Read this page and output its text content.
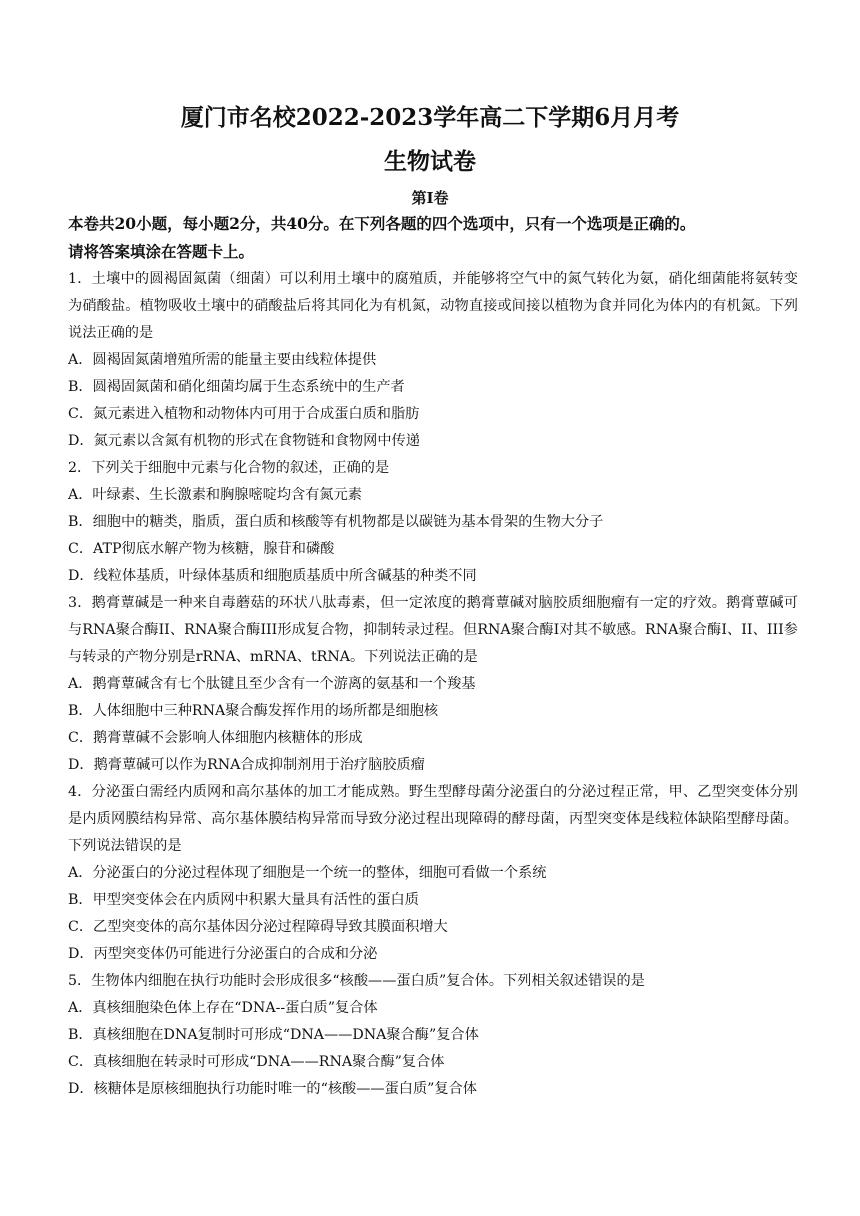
厦门市名校2022-2023学年高二下学期6月月考
生物试卷
第I卷

本卷共20小题，每小题2分，共40分。在下列各题的四个选项中，只有一个选项是正确的。

请将答案填涂在答题卡上。

1．土壤中的圆褐固氮菌（细菌）可以利用土壤中的腐殖质，并能够将空气中的氮气转化为氨，硝化细菌能将氨转变为硝酸盐。植物吸收土壤中的硝酸盐后将其同化为有机氮，动物直接或间接以植物为食并同化为体内的有机氮。下列说法正确的是

A．圆褐固氮菌增殖所需的能量主要由线粒体提供

B．圆褐固氮菌和硝化细菌均属于生态系统中的生产者

C．氮元素进入植物和动物体内可用于合成蛋白质和脂肪

D．氮元素以含氮有机物的形式在食物链和食物网中传递

2．下列关于细胞中元素与化合物的叙述，正确的是

A．叶绿素、生长激素和胸腺嘧啶均含有氮元素

B．细胞中的糖类，脂质，蛋白质和核酸等有机物都是以碳链为基本骨架的生物大分子

C．ATP彻底水解产物为核糖，腺苷和磷酸

D．线粒体基质，叶绿体基质和细胞质基质中所含碱基的种类不同

3．鹅膏蕈碱是一种来自毒蘑菇的环状八肽毒素，但一定浓度的鹅膏蕈碱对脑胶质细胞瘤有一定的疗效。鹅膏蕈碱可与RNA聚合酶II、RNA聚合酶III形成复合物，抑制转录过程。但RNA聚合酶I对其不敏感。RNA聚合酶I、II、III参与转录的产物分别是rRNA、mRNA、tRNA。下列说法正确的是

A．鹅膏蕈碱含有七个肽键且至少含有一个游离的氨基和一个羧基

B．人体细胞中三种RNA聚合酶发挥作用的场所都是细胞核

C．鹅膏蕈碱不会影响人体细胞内核糖体的形成

D．鹅膏蕈碱可以作为RNA合成抑制剂用于治疗脑胶质瘤

4．分泌蛋白需经内质网和高尔基体的加工才能成熟。野生型酵母菌分泌蛋白的分泌过程正常，甲、乙型突变体分别是内质网膜结构异常、高尔基体膜结构异常而导致分泌过程出现障碍的酵母菌，丙型突变体是线粒体缺陷型酵母菌。下列说法错误的是

A．分泌蛋白的分泌过程体现了细胞是一个统一的整体，细胞可看做一个系统

B．甲型突变体会在内质网中积累大量具有活性的蛋白质

C．乙型突变体的高尔基体因分泌过程障碍导致其膜面积增大

D．丙型突变体仍可能进行分泌蛋白的合成和分泌

5．生物体内细胞在执行功能时会形成很多“核酸——蛋白质”复合体。下列相关叙述错误的是

A．真核细胞染色体上存在“DNA--蛋白质”复合体

B．真核细胞在DNA复制时可形成“DNA——DNA聚合酶”复合体

C．真核细胞在转录时可形成“DNA——RNA聚合酶”复合体

D．核糖体是原核细胞执行功能时唯一的“核酸——蛋白质”复合体
